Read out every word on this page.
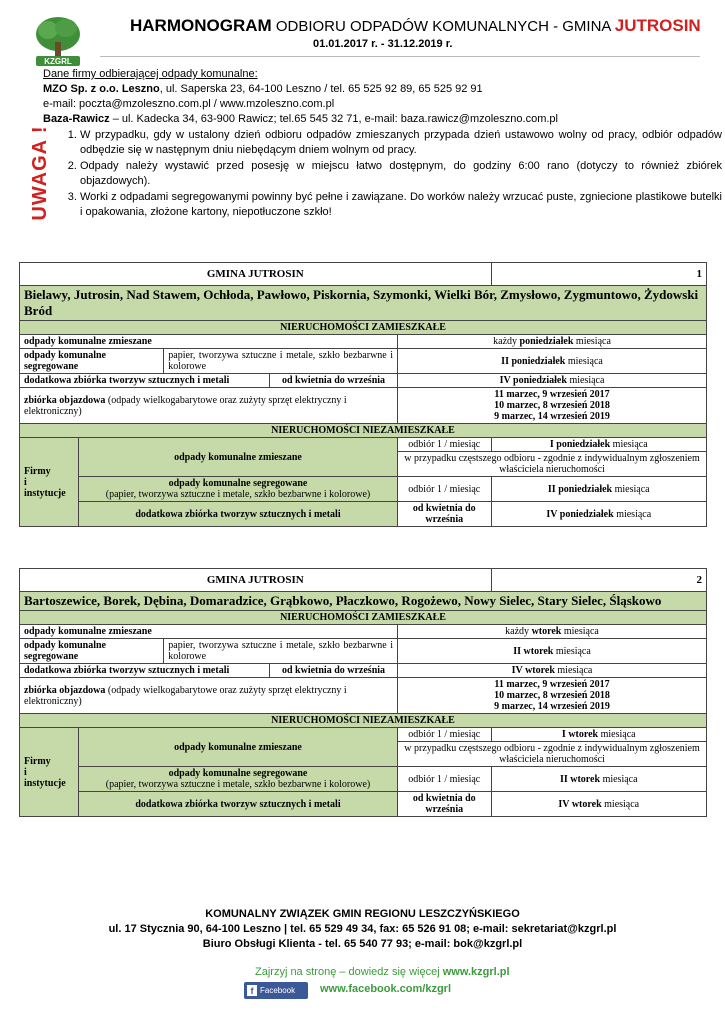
KZGRL
HARMONOGRAM ODBIORU ODPADÓW KOMUNALNYCH - GMINA JUTROSIN
01.01.2017 r. - 31.12.2019 r.
Dane firmy odbierającej odpady komunalne:
MZO Sp. z o.o. Leszno, ul. Saperska 23, 64-100 Leszno / tel. 65 525 92 89, 65 525 92 91
e-mail: poczta@mzoleszno.com.pl / www.mzoleszno.com.pl
Baza-Rawicz – ul. Kadecka 34, 63-900 Rawicz; tel.65 545 32 71, e-mail: baza.rawicz@mzoleszno.com.pl
UWAGA !	1. W przypadku, gdy w ustalony dzień odbioru odpadów zmieszanych przypada dzień ustawowo wolny od pracy, odbiór odpadów odbędzie się w następnym dniu niebędącym dniem wolnym od pracy.
2. Odpady należy wystawić przed posesję w miejscu łatwo dostępnym, do godziny 6:00 rano (dotyczy to również zbiórek objazdowych).
3. Worki z odpadami segregowanymi powinny być pełne i zawiązane. Do worków należy wrzucać puste, zgniecione plastikowe butelki i opakowania, złożone kartony, niepotłuczone szkło!
GMINA JUTROSIN					1
Bielawy, Jutrosin, Nad Stawem, Ochłoda, Pawłowo, Piskornia, Szymonki, Wielki Bór, Zmysłowo, Zygmuntowo, Żydowski Bród					
NIERUCHOMOŚCI ZAMIESZKAŁE					
odpady komunalne zmieszane				każdy poniedziałek miesiąca	
odpady komunalne segregowane		papier, tworzywa sztuczne i metale, szkło bezbarwne i kolorowe		II poniedziałek miesiąca	
dodatkowa zbiórka tworzyw sztucznych i metali			od kwietnia do września	IV poniedziałek miesiąca	
zbiórka objazdowa (odpady wielkogabarytowe oraz zużyty sprzęt elektryczny i elektroniczny)				11 marzec, 9 wrzesień 2017
10 marzec, 8 wrzesień 2018
9 marzec, 14 wrzesień 2019	
NIERUCHOMOŚCI NIEZAMIESZKAŁE					
Firmy
i
instytucje	odpady komunalne zmieszane			odbiór 1 / miesiąc	I poniedziałek miesiąca
				w przypadku częstszego odbioru - zgodnie z indywidualnym zgłoszeniem właściciela nieruchomości	
	odpady komunalne segregowane
(papier, tworzywa sztuczne i metale, szkło bezbarwne i kolorowe)			odbiór 1 / miesiąc	II poniedziałek miesiąca
	dodatkowa zbiórka tworzyw sztucznych i metali			od kwietnia do września	IV poniedziałek miesiąca
GMINA JUTROSIN					2
Bartoszewice, Borek, Dębina, Domaradzice, Grąbkowo, Płaczkowo, Rogożewo, Nowy Sielec, Stary Sielec, Śląskowo					
NIERUCHOMOŚCI ZAMIESZKAŁE					
odpady komunalne zmieszane				każdy wtorek miesiąca	
odpady komunalne segregowane		papier, tworzywa sztuczne i metale, szkło bezbarwne i kolorowe		II wtorek miesiąca	
dodatkowa zbiórka tworzyw sztucznych i metali			od kwietnia do września	IV wtorek miesiąca	
zbiórka objazdowa (odpady wielkogabarytowe oraz zużyty sprzęt elektryczny i elektroniczny)				11 marzec, 9 wrzesień 2017
10 marzec, 8 wrzesień 2018
9 marzec, 14 wrzesień 2019	
NIERUCHOMOŚCI NIEZAMIESZKAŁE					
Firmy
i
instytucje	odpady komunalne zmieszane			odbiór 1 / miesiąc	I wtorek miesiąca
				w przypadku częstszego odbioru - zgodnie z indywidualnym zgłoszeniem właściciela nieruchomości	
	odpady komunalne segregowane
(papier, tworzywa sztuczne i metale, szkło bezbarwne i kolorowe)			odbiór 1 / miesiąc	II wtorek miesiąca
	dodatkowa zbiórka tworzyw sztucznych i metali			od kwietnia do września	IV wtorek miesiąca
KOMUNALNY ZWIĄZEK GMIN REGIONU LESZCZYŃSKIEGO
ul. 17 Stycznia 90, 64-100 Leszno | tel. 65 529 49 34, fax: 65 526 91 08; e-mail: sekretariat@kzgrl.pl
Biuro Obsługi Klienta - tel. 65 540 77 93; e-mail: bok@kzgrl.pl
Zajrzyj na stronę – dowiedz się więcej www.kzgrl.pl
f Facebook www.facebook.com/kzgrl
